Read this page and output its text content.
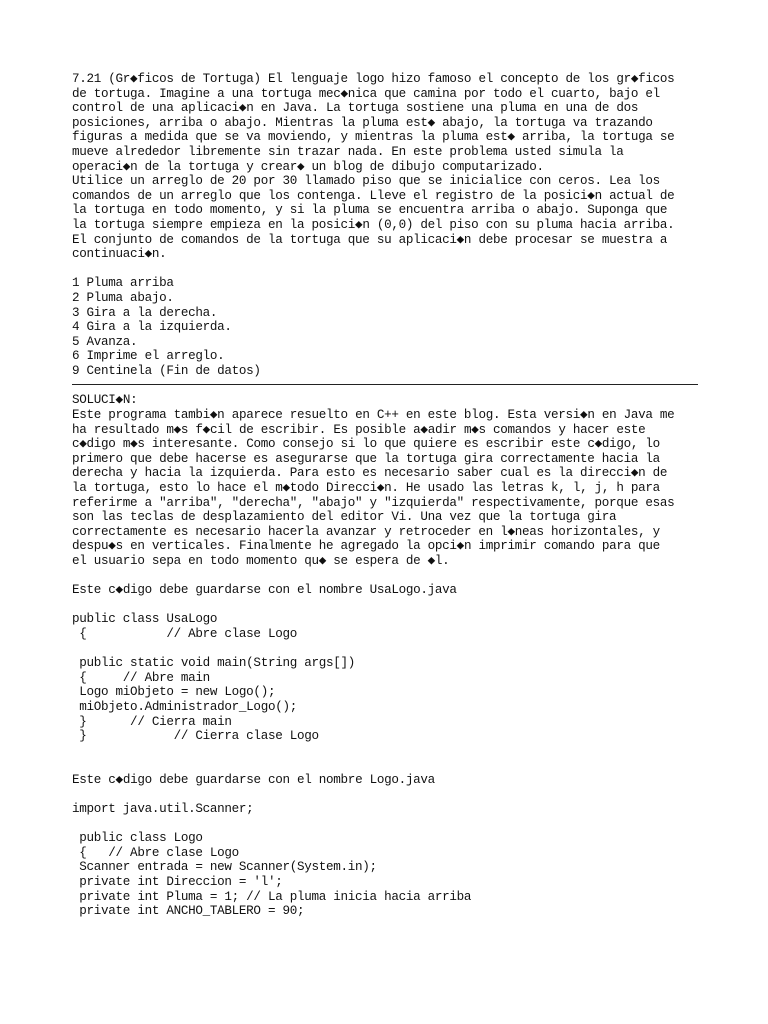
7.21 (Gr◆ficos de Tortuga) El lenguaje logo hizo famoso el concepto de los gr◆ficos
de tortuga. Imagine a una tortuga mec◆nica que camina por todo el cuarto, bajo el
control de una aplicaci◆n en Java. La tortuga sostiene una pluma en una de dos
posiciones, arriba o abajo. Mientras la pluma est◆ abajo, la tortuga va trazando
figuras a medida que se va moviendo, y mientras la pluma est◆ arriba, la tortuga se
mueve alrededor libremente sin trazar nada. En este problema usted simula la
operaci◆n de la tortuga y crear◆ un blog de dibujo computarizado.
Utilice un arreglo de 20 por 30 llamado piso que se inicialice con ceros. Lea los
comandos de un arreglo que los contenga. Lleve el registro de la posici◆n actual de
la tortuga en todo momento, y si la pluma se encuentra arriba o abajo. Suponga que
la tortuga siempre empieza en la posici◆n (0,0) del piso con su pluma hacia arriba.
El conjunto de comandos de la tortuga que su aplicaci◆n debe procesar se muestra a
continuaci◆n.
1 Pluma arriba
2 Pluma abajo.
3 Gira a la derecha.
4 Gira a la izquierda.
5 Avanza.
6 Imprime el arreglo.
9 Centinela (Fin de datos)
__
SOLUCI◆N:
Este programa tambi◆n aparece resuelto en C++ en este blog. Esta versi◆n en Java me
ha resultado m◆s f◆cil de escribir. Es posible a◆adir m◆s comandos y hacer este
c◆digo m◆s interesante. Como consejo si lo que quiere es escribir este c◆digo, lo
primero que debe hacerse es asegurarse que la tortuga gira correctamente hacia la
derecha y hacia la izquierda. Para esto es necesario saber cual es la direcci◆n de
la tortuga, esto lo hace el m◆todo Direcci◆n. He usado las letras k, l, j, h para
referirme a "arriba", "derecha", "abajo" y "izquierda" respectivamente, porque esas
son las teclas de desplazamiento del editor Vi. Una vez que la tortuga gira
correctamente es necesario hacerla avanzar y retroceder en l◆neas horizontales, y
despu◆s en verticales. Finalmente he agregado la opci◆n imprimir comando para que
el usuario sepa en todo momento qu◆ se espera de ◆l.
Este c◆digo debe guardarse con el nombre UsaLogo.java
public class UsaLogo
{           // Abre clase Logo
public static void main(String args[])
{     // Abre main
Logo miObjeto = new Logo();
miObjeto.Administrador_Logo();
}      // Cierra main
}            // Cierra clase Logo
Este c◆digo debe guardarse con el nombre Logo.java
import java.util.Scanner;
public class Logo
{   // Abre clase Logo
Scanner entrada = new Scanner(System.in);
private int Direccion = 'l';
private int Pluma = 1; // La pluma inicia hacia arriba
private int ANCHO_TABLERO = 90;
